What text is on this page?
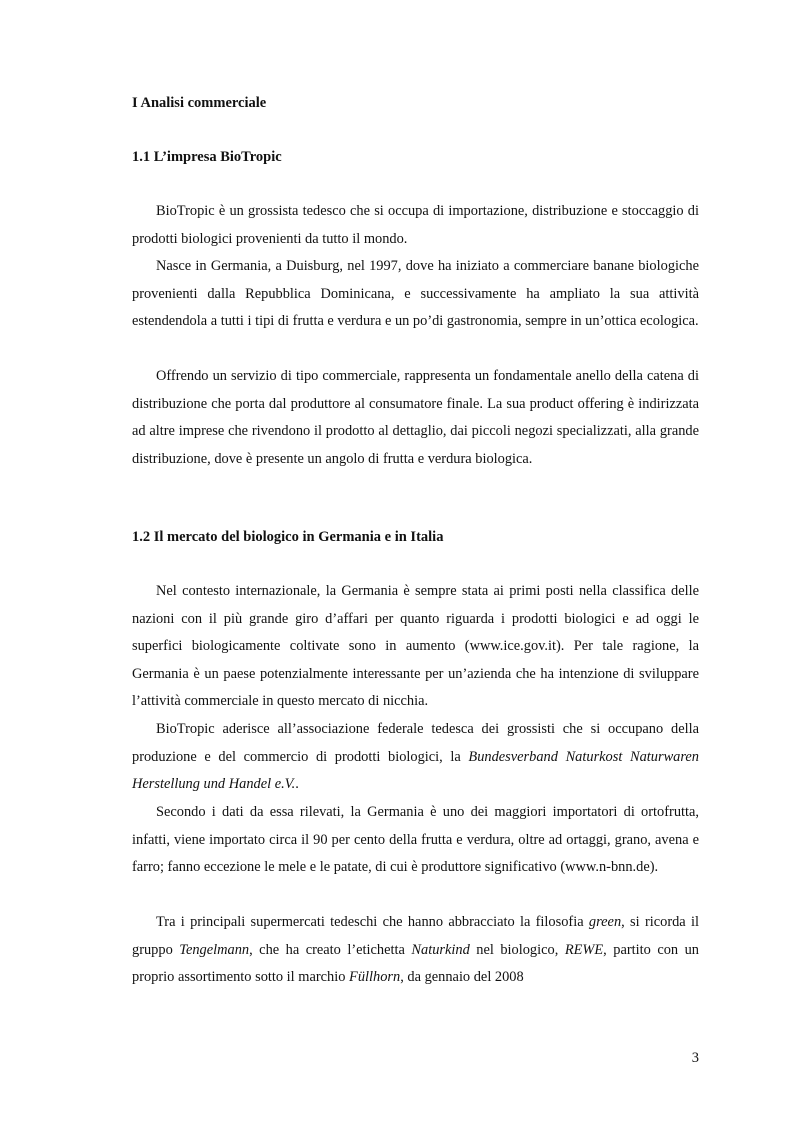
I Analisi commerciale
1.1 L’impresa BioTropic

BioTropic è un grossista tedesco che si occupa di importazione, distribuzione e stoccaggio di prodotti biologici provenienti da tutto il mondo.

Nasce in Germania, a Duisburg, nel 1997, dove ha iniziato a commerciare banane biologiche provenienti dalla Repubblica Dominicana, e successivamente ha ampliato la sua attività estendendola a tutti i tipi di frutta e verdura e un po’di gastronomia, sempre in un’ottica ecologica.

Offrendo un servizio di tipo commerciale, rappresenta un fondamentale anello della catena di distribuzione che porta dal produttore al consumatore finale. La sua product offering è indirizzata ad altre imprese che rivendono il prodotto al dettaglio, dai piccoli negozi specializzati, alla grande distribuzione, dove è presente un angolo di frutta e verdura biologica.

1.2 Il mercato del biologico in Germania e in Italia

Nel contesto internazionale, la Germania è sempre stata ai primi posti nella classifica delle nazioni con il più grande giro d’affari per quanto riguarda i prodotti biologici e ad oggi le superfici biologicamente coltivate sono in aumento (www.ice.gov.it). Per tale ragione, la Germania è un paese potenzialmente interessante per un’azienda che ha intenzione di sviluppare l’attività commerciale in questo mercato di nicchia.

BioTropic aderisce all’associazione federale tedesca dei grossisti che si occupano della produzione e del commercio di prodotti biologici, la Bundesverband Naturkost Naturwaren Herstellung und Handel e.V..

Secondo i dati da essa rilevati, la Germania è uno dei maggiori importatori di ortofrutta, infatti, viene importato circa il 90 per cento della frutta e verdura, oltre ad ortaggi, grano, avena e farro; fanno eccezione le mele e le patate, di cui è produttore significativo (www.n-bnn.de).

Tra i principali supermercati tedeschi che hanno abbracciato la filosofia green, si ricorda il gruppo Tengelmann, che ha creato l’etichetta Naturkind nel biologico, REWE, partito con un proprio assortimento sotto il marchio Füllhorn, da gennaio del 2008

3
